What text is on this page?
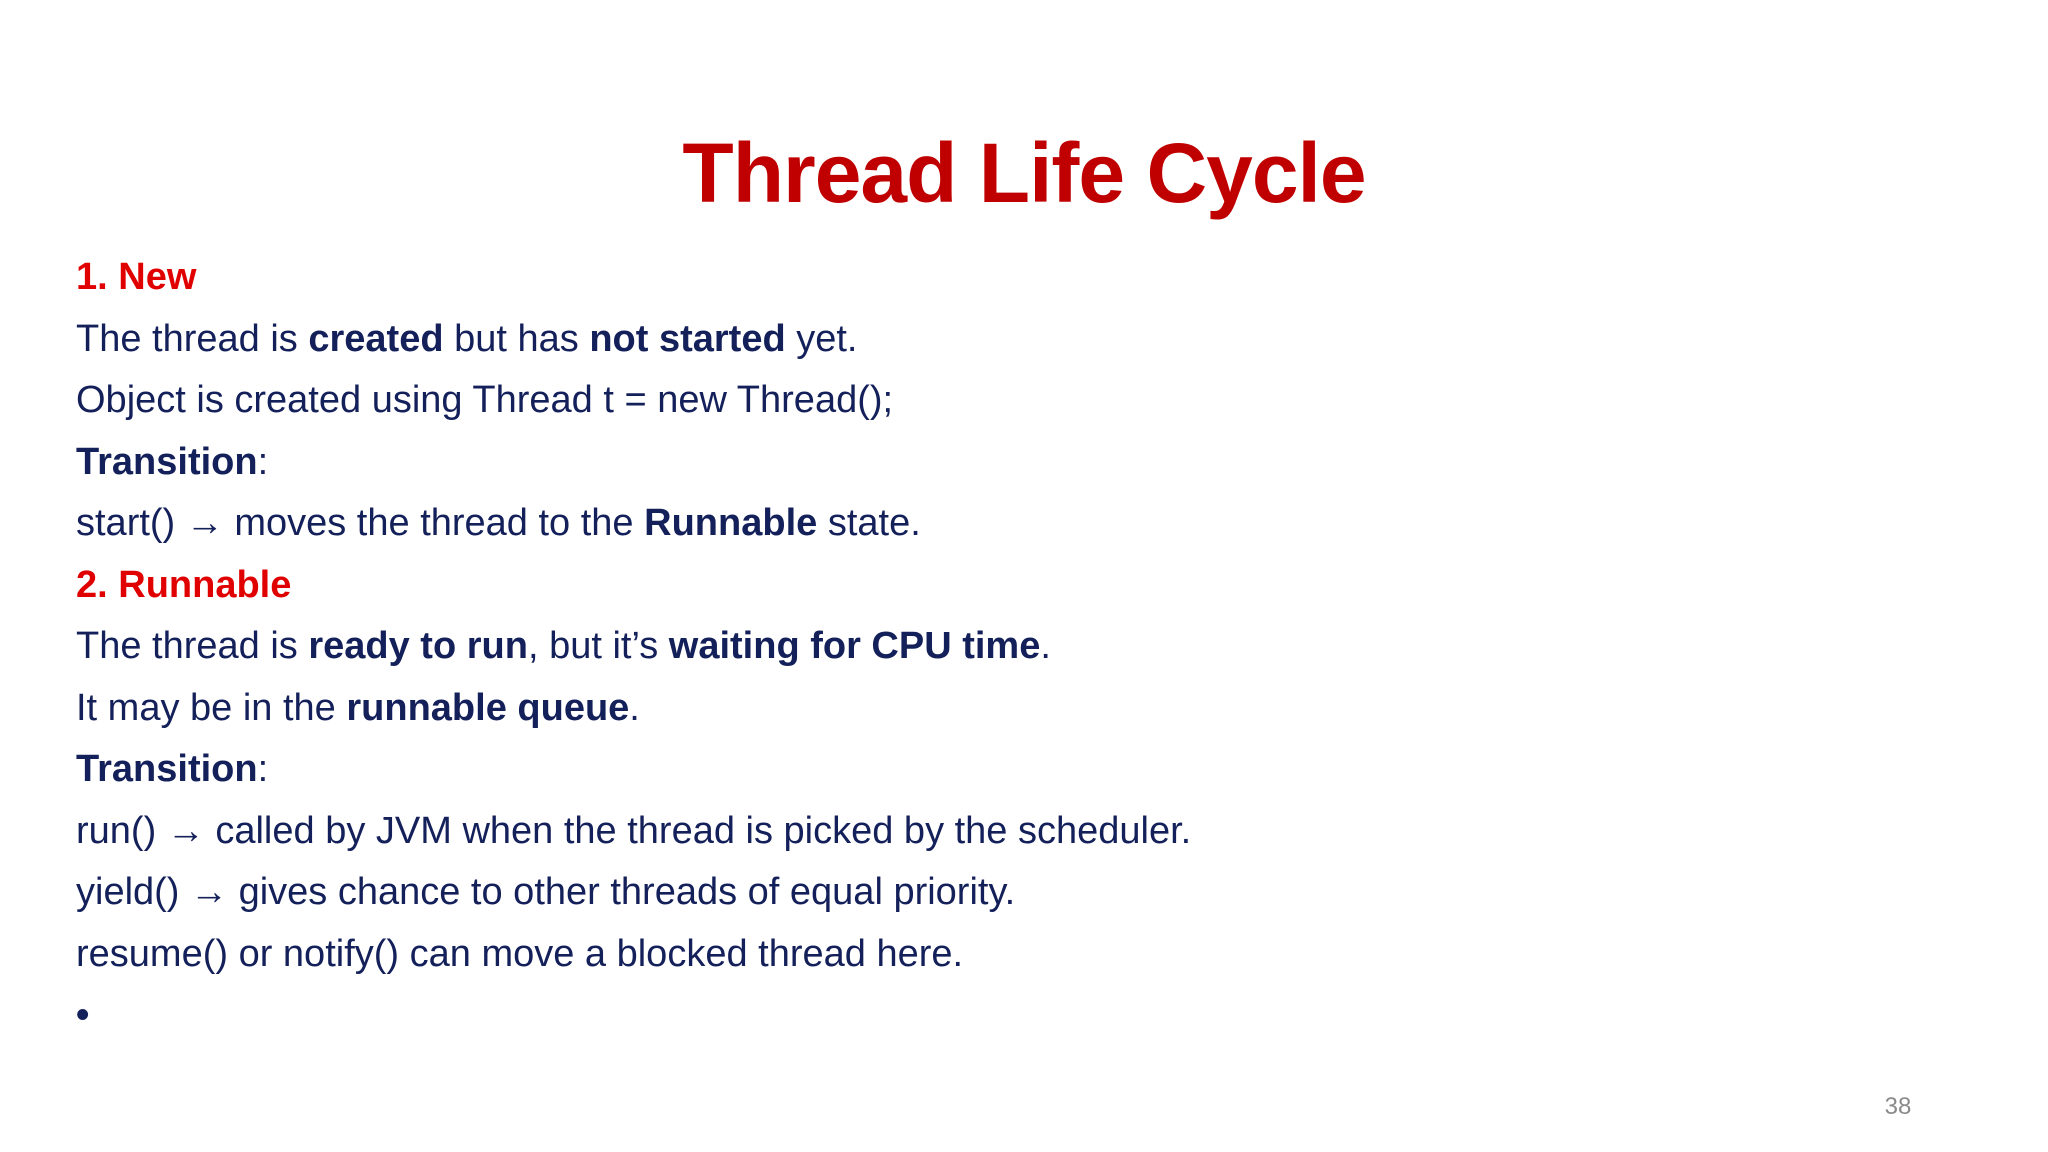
Thread Life Cycle
1. New
The thread is created but has not started yet.
Object is created using Thread t = new Thread();
Transition:
start() → moves the thread to the Runnable state.
2. Runnable
The thread is ready to run, but it’s waiting for CPU time.
It may be in the runnable queue.
Transition:
run() → called by JVM when the thread is picked by the scheduler.
yield() → gives chance to other threads of equal priority.
resume() or notify() can move a blocked thread here.
•
38
